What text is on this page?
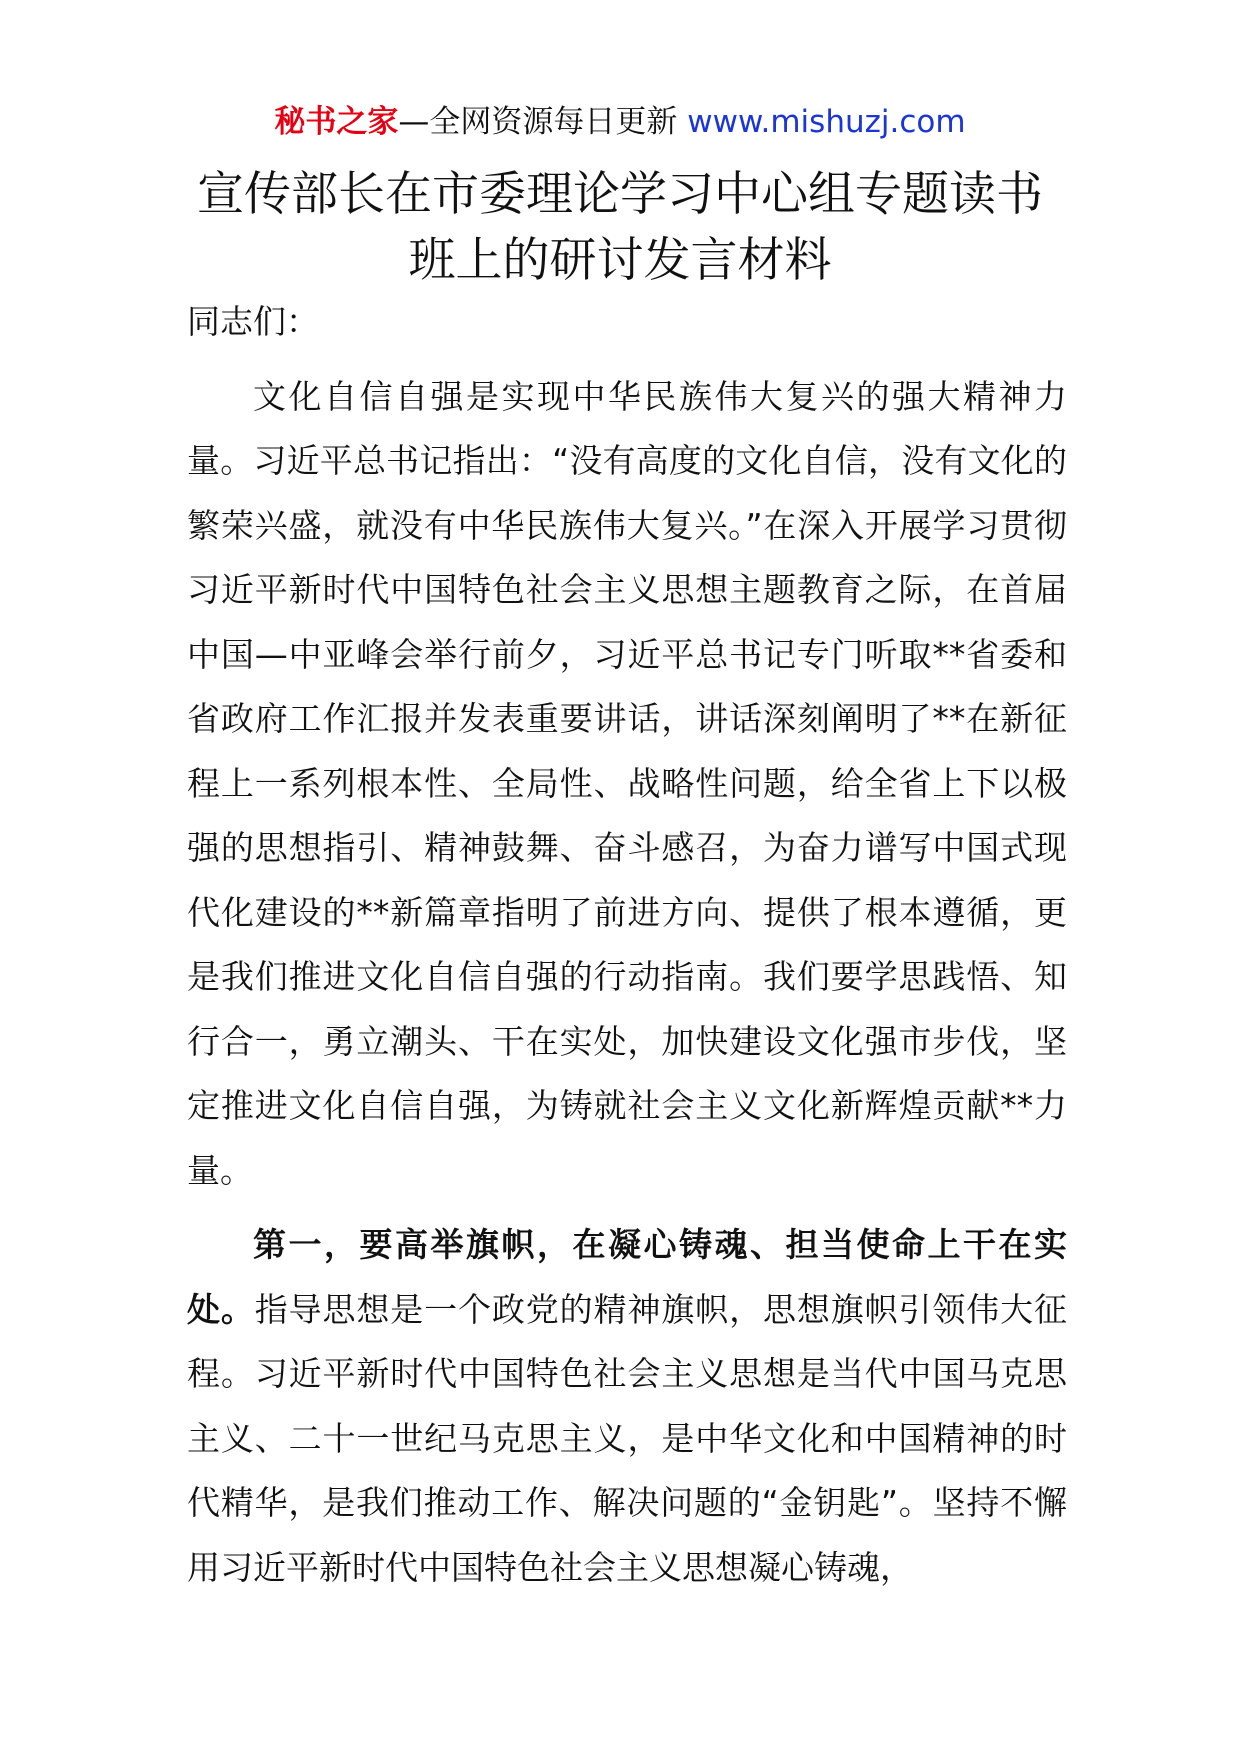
秘书之家—全网资源每日更新 www.mishuzj.com
宣传部长在市委理论学习中心组专题读书
班上的研讨发言材料

同志们：

文化自信自强是实现中华民族伟大复兴的强大精神力量。习近平总书记指出：“没有高度的文化自信，没有文化的繁荣兴盛，就没有中华民族伟大复兴。”在深入开展学习贯彻习近平新时代中国特色社会主义思想主题教育之际，在首届中国—中亚峰会举行前夕，习近平总书记专门听取**省委和省政府工作汇报并发表重要讲话，讲话深刻阐明了**在新征程上一系列根本性、全局性、战略性问题，给全省上下以极强的思想指引、精神鼓舞、奋斗感召，为奋力谱写中国式现代化建设的**新篇章指明了前进方向、提供了根本遵循，更是我们推进文化自信自强的行动指南。我们要学思践悟、知行合一，勇立潮头、干在实处，加快建设文化强市步伐，坚定推进文化自信自强，为铸就社会主义文化新辉煌贡献**力量。

第一，要高举旗帜，在凝心铸魂、担当使命上干在实处。指导思想是一个政党的精神旗帜，思想旗帜引领伟大征程。习近平新时代中国特色社会主义思想是当代中国马克思主义、二十一世纪马克思主义，是中华文化和中国精神的时代精华，是我们推动工作、解决问题的“金钥匙”。坚持不懈用习近平新时代中国特色社会主义思想凝心铸魂，
